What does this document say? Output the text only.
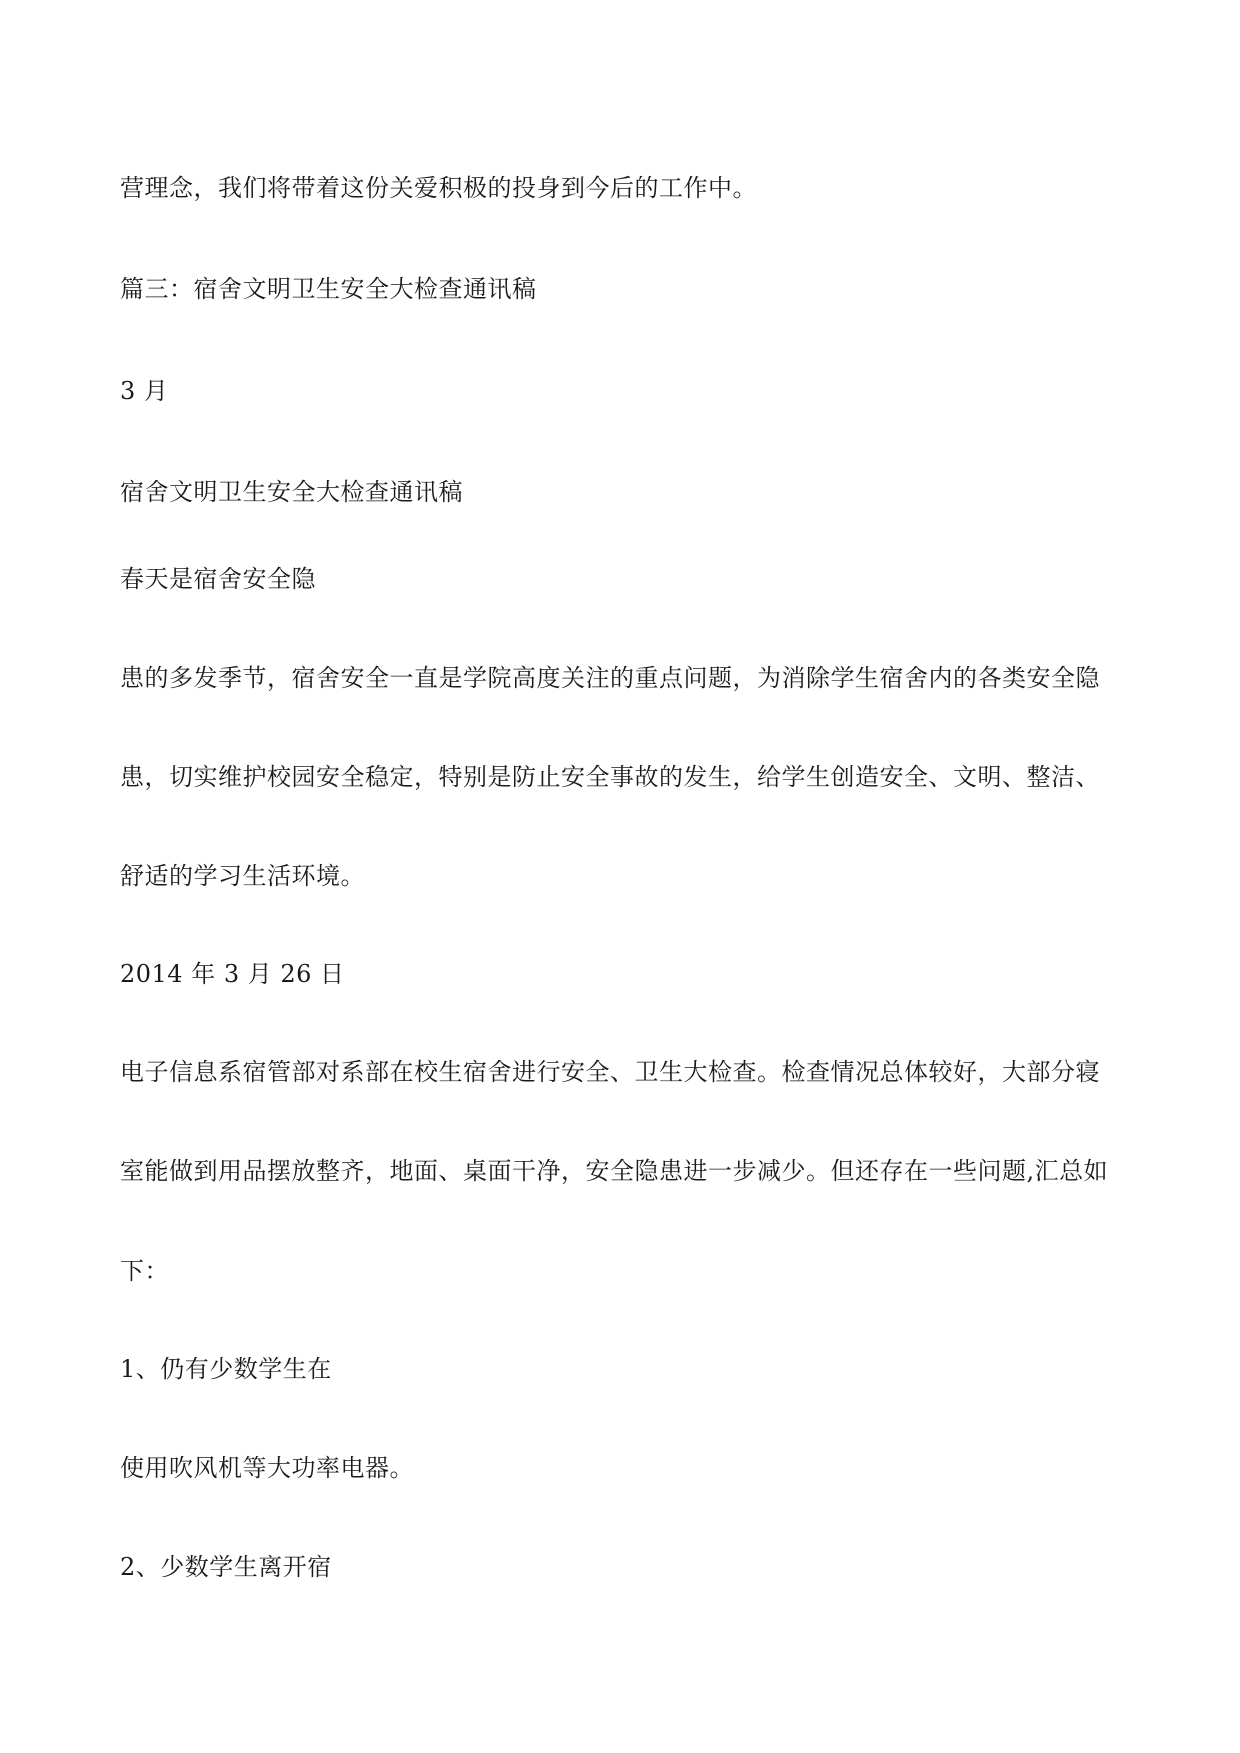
营理念，我们将带着这份关爱积极的投身到今后的工作中。

篇三：宿舍文明卫生安全大检查通讯稿

3 月

宿舍文明卫生安全大检查通讯稿

春天是宿舍安全隐

患的多发季节，宿舍安全一直是学院高度关注的重点问题，为消除学生宿舍内的各类安全隐

患，切实维护校园安全稳定，特别是防止安全事故的发生，给学生创造安全、文明、整洁、

舒适的学习生活环境。

2014 年 3 月 26 日

电子信息系宿管部对系部在校生宿舍进行安全、卫生大检查。检查情况总体较好，大部分寝

室能做到用品摆放整齐，地面、桌面干净，安全隐患进一步减少。但还存在一些问题,汇总如

下：

1、仍有少数学生在

使用吹风机等大功率电器。

2、少数学生离开宿
